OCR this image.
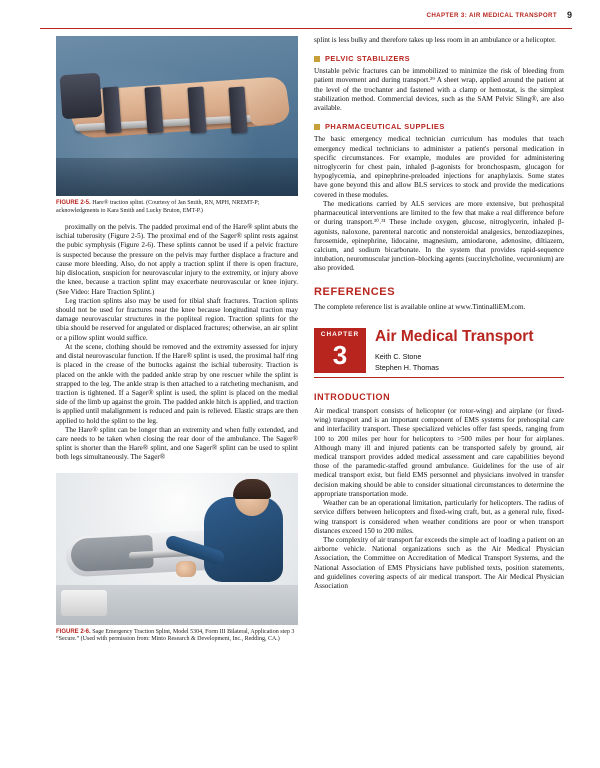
CHAPTER 3: AIR MEDICAL TRANSPORT 9
FIGURE 2-5. Hare® traction splint. (Courtesy of Jan Smith, RN, MPH, NREMT-P; acknowledgments to Kara Smith and Lucky Bruton, EMT-P.)

proximally on the pelvis. The padded proximal end of the Hare® splint abuts the ischial tuberosity (Figure 2-5). The proximal end of the Sager® splint rests against the pubic symphysis (Figure 2-6). These splints cannot be used if a pelvic fracture is suspected because the pressure on the pelvis may further displace a fracture and cause more bleeding. Also, do not apply a traction splint if there is open fracture, hip dislocation, suspicion for neurovascular injury to the extremity, or injury above the knee, because a traction splint may exacerbate neurovascular or knee injury. (See Video: Hare Traction Splint.)

Leg traction splints also may be used for tibial shaft fractures. Traction splints should not be used for fractures near the knee because longitudinal traction may damage neurovascular structures in the popliteal region. Traction splints for the tibia should be reserved for angulated or displaced fractures; otherwise, an air splint or a pillow splint would suffice.

At the scene, clothing should be removed and the extremity assessed for injury and distal neurovascular function. If the Hare® splint is used, the proximal half ring is placed in the crease of the buttocks against the ischial tuberosity. Traction is placed on the ankle with the padded ankle strap by one rescuer while the splint is strapped to the leg. The ankle strap is then attached to a ratcheting mechanism, and traction is tightened. If a Sager® splint is used, the splint is placed on the medial side of the limb up against the groin. The padded ankle hitch is applied, and traction is applied until malalignment is reduced and pain is relieved. Elastic straps are then applied to hold the splint to the leg.

The Hare® splint can be longer than an extremity and when fully extended, and care needs to be taken when closing the rear door of the ambulance. The Sager® splint is shorter than the Hare® splint, and one Sager® splint can be used to splint both legs simultaneously. The Sager®

FIGURE 2-6. Sage Emergency Traction Splint, Model 5304, Form III Bilateral, Application step 3 “Secure.” (Used with permission from: Minto Research & Development, Inc., Redding, CA.)

splint is less bulky and therefore takes up less room in an ambulance or a helicopter.

PELVIC STABILIZERS

Unstable pelvic fractures can be immobilized to minimize the risk of bleeding from patient movement and during transport.²⁹ A sheet wrap, applied around the patient at the level of the trochanter and fastened with a clamp or hemostat, is the simplest stabilization method. Commercial devices, such as the SAM Pelvic Sling®, are also available.

PHARMACEUTICAL SUPPLIES

The basic emergency medical technician curriculum has modules that teach emergency medical technicians to administer a patient's personal medication in specific circumstances. For example, modules are provided for administering nitroglycerin for chest pain, inhaled β-agonists for bronchospasm, glucagon for hypoglycemia, and epinephrine-preloaded injections for anaphylaxis. Some states have gone beyond this and allow BLS services to stock and provide the medications covered in these modules.

The medications carried by ALS services are more extensive, but prehospital pharmaceutical interventions are limited to the few that make a real difference before or during transport.³⁰˒³¹ These include oxygen, glucose, nitroglycerin, inhaled β-agonists, naloxone, parenteral narcotic and nonsteroidal analgesics, benzodiazepines, furosemide, epinephrine, lidocaine, magnesium, amiodarone, adenosine, diltiazem, calcium, and sodium bicarbonate. In the system that provides rapid-sequence intubation, neuromuscular junction–blocking agents (succinylcholine, vecuronium) are also provided.

REFERENCES

The complete reference list is available online at www.TintinalliEM.com.

CHAPTER
3
Air Medical Transport
Keith C. Stone
Stephen H. Thomas
INTRODUCTION

Air medical transport consists of helicopter (or rotor-wing) and airplane (or fixed-wing) transport and is an important component of EMS systems for prehospital care and interfacility transport. These specialized vehicles offer fast speeds, ranging from 100 to 200 miles per hour for helicopters to >500 miles per hour for airplanes. Although many ill and injured patients can be transported safely by ground, air medical transport provides added medical assessment and care capabilities beyond those of the paramedic-staffed ground ambulance. Guidelines for the use of air medical transport exist, but field EMS personnel and physicians involved in transfer decision making should be able to consider situational circumstances to determine the appropriate transportation mode.

Weather can be an operational limitation, particularly for helicopters. The radius of service differs between helicopters and fixed-wing craft, but, as a general rule, fixed-wing transport is considered when weather conditions are poor or when transport distances exceed 150 to 200 miles.

The complexity of air transport far exceeds the simple act of loading a patient on an airborne vehicle. National organizations such as the Air Medical Physician Association, the Committee on Accreditation of Medical Transport Systems, and the National Association of EMS Physicians have published texts, position statements, and guidelines covering aspects of air medical transport. The Air Medical Physician Association
